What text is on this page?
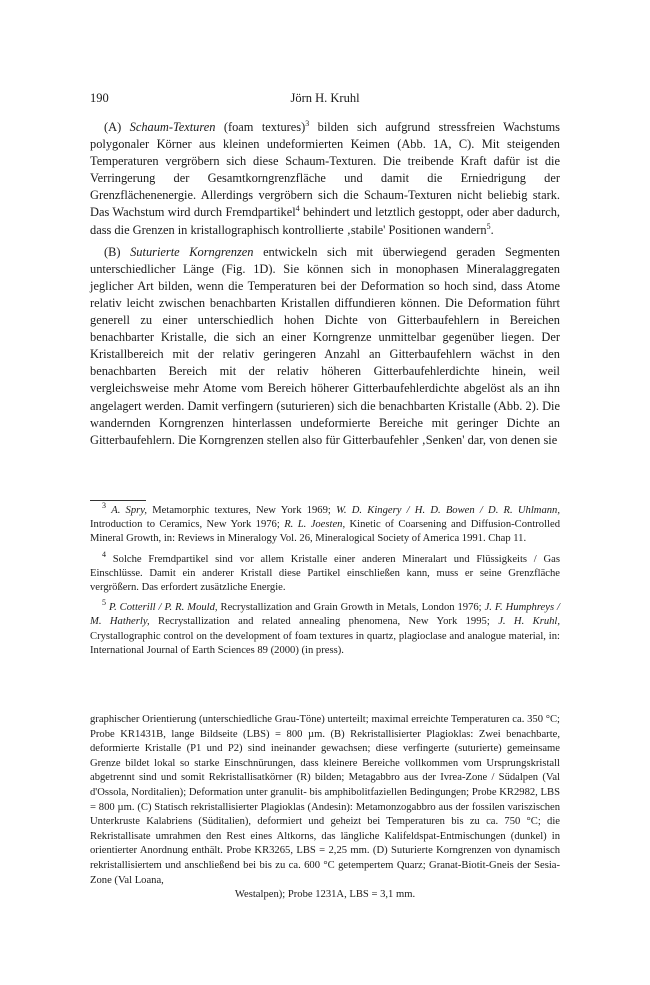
190	Jörn H. Kruhl

(A) Schaum-Texturen (foam textures)$^3$ bilden sich aufgrund stressfreien Wachstums polygonaler Körner aus kleinen undeformierten Keimen (Abb. 1A, C). Mit steigenden Temperaturen vergröbern sich diese Schaum-Texturen. Die treibende Kraft dafür ist die Verringerung der Gesamtkorngrenzfläche und damit die Erniedrigung der Grenzflächenenergie. Allerdings vergröbern sich die Schaum-Texturen nicht beliebig stark. Das Wachstum wird durch Fremdpartikel$^4$ behindert und letztlich gestoppt, oder aber dadurch, dass die Grenzen in kristallographisch kontrollierte ‚stabile' Positionen wandern$^5$.

(B) Suturierte Korngrenzen entwickeln sich mit überwiegend geraden Segmenten unterschiedlicher Länge (Fig. 1D). Sie können sich in monophasen Mineralaggregaten jeglicher Art bilden, wenn die Temperaturen bei der Deformation so hoch sind, dass Atome relativ leicht zwischen benachbarten Kristallen diffundieren können. Die Deformation führt generell zu einer unterschiedlich hohen Dichte von Gitterbaufehlern in Bereichen benachbarter Kristalle, die sich an einer Korngrenze unmittelbar gegenüber liegen. Der Kristallbereich mit der relativ geringeren Anzahl an Gitterbaufehlern wächst in den benachbarten Bereich mit der relativ höheren Gitterbaufehlerdichte hinein, weil vergleichsweise mehr Atome vom Bereich höherer Gitterbaufehlerdichte abgelöst als an ihn angelagert werden. Damit verfingern (suturieren) sich die benachbarten Kristalle (Abb. 2). Die wandernden Korngrenzen hinterlassen undeformierte Bereiche mit geringer Dichte an Gitterbaufehlern. Die Korngrenzen stellen also für Gitterbaufehler ‚Senken' dar, von denen sie

$^3$ A. Spry, Metamorphic textures, New York 1969; W. D. Kingery / H. D. Bowen / D. R. Uhlmann, Introduction to Ceramics, New York 1976; R. L. Joesten, Kinetic of Coarsening and Diffusion-Controlled Mineral Growth, in: Reviews in Mineralogy Vol. 26, Mineralogical Society of America 1991. Chap 11.

$^4$ Solche Fremdpartikel sind vor allem Kristalle einer anderen Mineralart und Flüssigkeits / Gas Einschlüsse. Damit ein anderer Kristall diese Partikel einschließen kann, muss er seine Grenzfläche vergrößern. Das erfordert zusätzliche Energie.

$^5$ P. Cotterill / P. R. Mould, Recrystallization and Grain Growth in Metals, London 1976; J. F. Humphreys / M. Hatherly, Recrystallization and related annealing phenomena, New York 1995; J. H. Kruhl, Crystallographic control on the development of foam textures in quartz, plagioclase and analogue material, in: International Journal of Earth Sciences 89 (2000) (in press).

graphischer Orientierung (unterschiedliche Grau-Töne) unterteilt; maximal erreichte Temperaturen ca. 350 °C; Probe KR1431B, lange Bildseite (LBS) = 800 µm. (B) Rekristallisierter Plagioklas: Zwei benachbarte, deformierte Kristalle (P1 und P2) sind ineinander gewachsen; diese verfingerte (suturierte) gemeinsame Grenze bildet lokal so starke Einschnürungen, dass kleinere Bereiche vollkommen vom Ursprungskristall abgetrennt sind und somit Rekristallisatkörner (R) bilden; Metagabbro aus der Ivrea-Zone / Südalpen (Val d'Ossola, Norditalien); Deformation unter granulit- bis amphibolitfaziellen Bedingungen; Probe KR2982, LBS = 800 µm. (C) Statisch rekristallisierter Plagioklas (Andesin): Metamonzogabbro aus der fossilen variszischen Unterkruste Kalabriens (Süditalien), deformiert und geheizt bei Temperaturen bis zu ca. 750 °C; die Rekristallisate umrahmen den Rest eines Altkorns, das längliche Kalifeldspat-Entmischungen (dunkel) in orientierter Anordnung enthält. Probe KR3265, LBS = 2,25 mm. (D) Suturierte Korngrenzen von dynamisch rekristallisiertem und anschließend bei bis zu ca. 600 °C getempertem Quarz; Granat-Biotit-Gneis der Sesia-Zone (Val Loana,
Westalpen); Probe 1231A, LBS = 3,1 mm.
